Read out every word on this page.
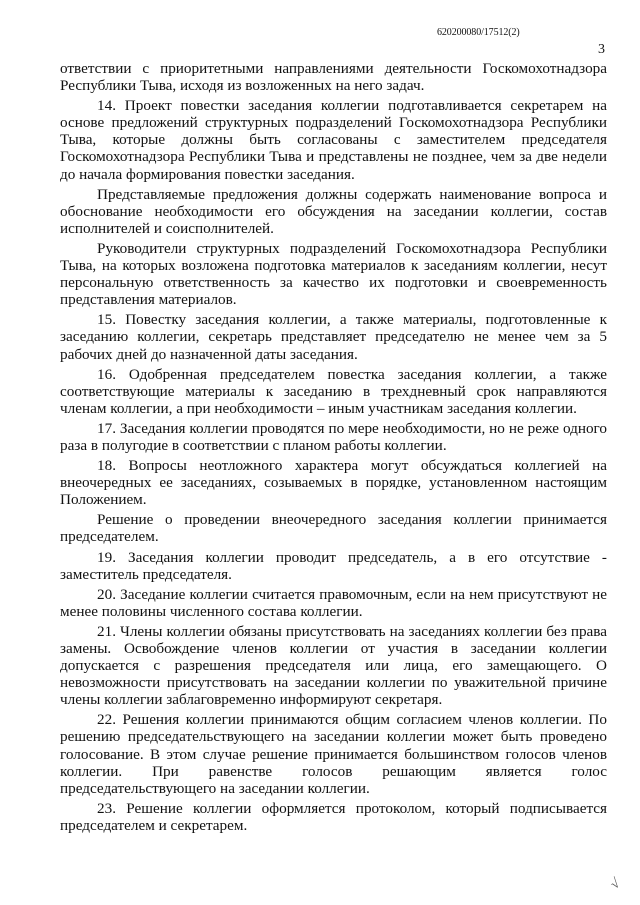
620200080/17512(2)
3

ответствии с приоритетными направлениями деятельности Госкомохотнадзора Республики Тыва, исходя из возложенных на него задач.

14. Проект повестки заседания коллегии подготавливается секретарем на основе предложений структурных подразделений Госкомохотнадзора Республики Тыва, которые должны быть согласованы с заместителем председателя Госкомохотнадзора Республики Тыва и представлены не позднее, чем за две недели до начала формирования повестки заседания.

Представляемые предложения должны содержать наименование вопроса и обоснование необходимости его обсуждения на заседании коллегии, состав исполнителей и соисполнителей.

Руководители структурных подразделений Госкомохотнадзора Республики Тыва, на которых возложена подготовка материалов к заседаниям коллегии, несут персональную ответственность за качество их подготовки и своевременность представления материалов.

15. Повестку заседания коллегии, а также материалы, подготовленные к заседанию коллегии, секретарь представляет председателю не менее чем за 5 рабочих дней до назначенной даты заседания.

16. Одобренная председателем повестка заседания коллегии, а также соответствующие материалы к заседанию в трехдневный срок направляются членам коллегии, а при необходимости – иным участникам заседания коллегии.

17. Заседания коллегии проводятся по мере необходимости, но не реже одного раза в полугодие в соответствии с планом работы коллегии.

18. Вопросы неотложного характера могут обсуждаться коллегией на внеочередных ее заседаниях, созываемых в порядке, установленном настоящим Положением.

Решение о проведении внеочередного заседания коллегии принимается председателем.

19. Заседания коллегии проводит председатель, а в его отсутствие - заместитель председателя.

20. Заседание коллегии считается правомочным, если на нем присутствуют не менее половины численного состава коллегии.

21. Члены коллегии обязаны присутствовать на заседаниях коллегии без права замены. Освобождение членов коллегии от участия в заседании коллегии допускается с разрешения председателя или лица, его замещающего. О невозможности присутствовать на заседании коллегии по уважительной причине члены коллегии заблаговременно информируют секретаря.

22. Решения коллегии принимаются общим согласием членов коллегии. По решению председательствующего на заседании коллегии может быть проведено голосование. В этом случае решение принимается большинством голосов членов коллегии. При равенстве голосов решающим является голос председательствующего на заседании коллегии.

23. Решение коллегии оформляется протоколом, который подписывается председателем и секретарем.

√
